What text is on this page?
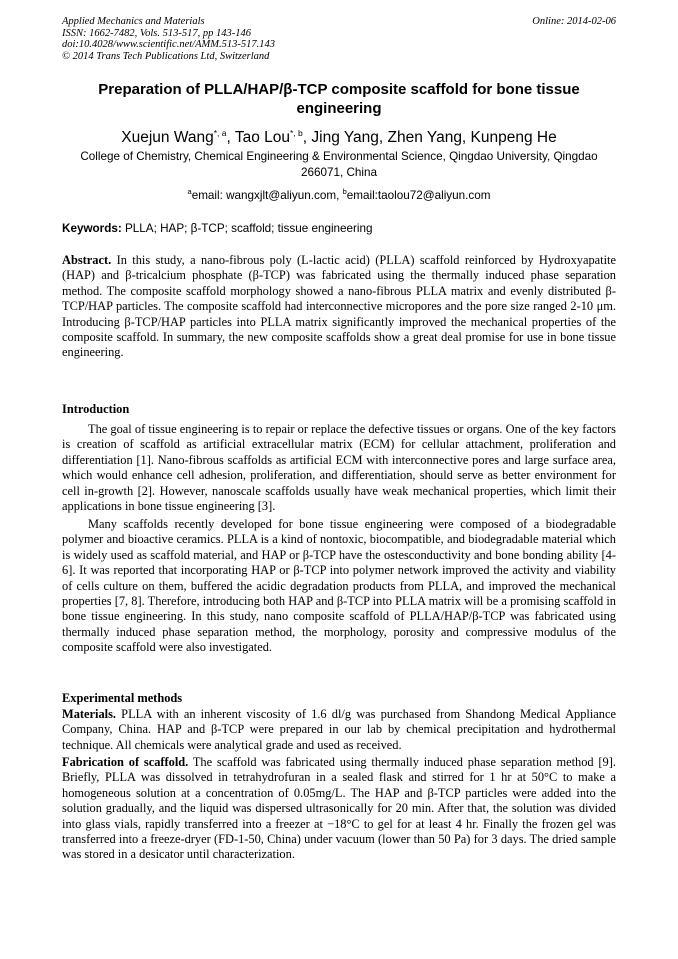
Applied Mechanics and Materials
ISSN: 1662-7482, Vols. 513-517, pp 143-146
doi:10.4028/www.scientific.net/AMM.513-517.143
© 2014 Trans Tech Publications Ltd, Switzerland
Online: 2014-02-06
Preparation of PLLA/HAP/β-TCP composite scaffold for bone tissue engineering
Xuejun Wang$^{*, a}$, Tao Lou$^{*, b}$, Jing Yang, Zhen Yang, Kunpeng He
College of Chemistry, Chemical Engineering & Environmental Science, Qingdao University, Qingdao 266071, China
$^a$email: wangxjlt@aliyun.com, $^b$email:taolou72@aliyun.com
Keywords: PLLA; HAP; β-TCP; scaffold; tissue engineering
Abstract. In this study, a nano-fibrous poly (L-lactic acid) (PLLA) scaffold reinforced by Hydroxyapatite (HAP) and β-tricalcium phosphate (β-TCP) was fabricated using the thermally induced phase separation method. The composite scaffold morphology showed a nano-fibrous PLLA matrix and evenly distributed β-TCP/HAP particles. The composite scaffold had interconnective micropores and the pore size ranged 2-10 μm. Introducing β-TCP/HAP particles into PLLA matrix significantly improved the mechanical properties of the composite scaffold. In summary, the new composite scaffolds show a great deal promise for use in bone tissue engineering.
Introduction
The goal of tissue engineering is to repair or replace the defective tissues or organs. One of the key factors is creation of scaffold as artificial extracellular matrix (ECM) for cellular attachment, proliferation and differentiation [1]. Nano-fibrous scaffolds as artificial ECM with interconnective pores and large surface area, which would enhance cell adhesion, proliferation, and differentiation, should serve as better environment for cell in-growth [2]. However, nanoscale scaffolds usually have weak mechanical properties, which limit their applications in bone tissue engineering [3].
Many scaffolds recently developed for bone tissue engineering were composed of a biodegradable polymer and bioactive ceramics. PLLA is a kind of nontoxic, biocompatible, and biodegradable material which is widely used as scaffold material, and HAP or β-TCP have the ostesconductivity and bone bonding ability [4-6]. It was reported that incorporating HAP or β-TCP into polymer network improved the activity and viability of cells culture on them, buffered the acidic degradation products from PLLA, and improved the mechanical properties [7, 8]. Therefore, introducing both HAP and β-TCP into PLLA matrix will be a promising scaffold in bone tissue engineering. In this study, nano composite scaffold of PLLA/HAP/β-TCP was fabricated using thermally induced phase separation method, the morphology, porosity and compressive modulus of the composite scaffold were also investigated.
Experimental methods
Materials. PLLA with an inherent viscosity of 1.6 dl/g was purchased from Shandong Medical Appliance Company, China. HAP and β-TCP were prepared in our lab by chemical precipitation and hydrothermal technique. All chemicals were analytical grade and used as received.
Fabrication of scaffold. The scaffold was fabricated using thermally induced phase separation method [9]. Briefly, PLLA was dissolved in tetrahydrofuran in a sealed flask and stirred for 1 hr at 50°C to make a homogeneous solution at a concentration of 0.05mg/L. The HAP and β-TCP particles were added into the solution gradually, and the liquid was dispersed ultrasonically for 20 min. After that, the solution was divided into glass vials, rapidly transferred into a freezer at −18°C to gel for at least 4 hr. Finally the frozen gel was transferred into a freeze-dryer (FD-1-50, China) under vacuum (lower than 50 Pa) for 3 days. The dried sample was stored in a desicator until characterization.
